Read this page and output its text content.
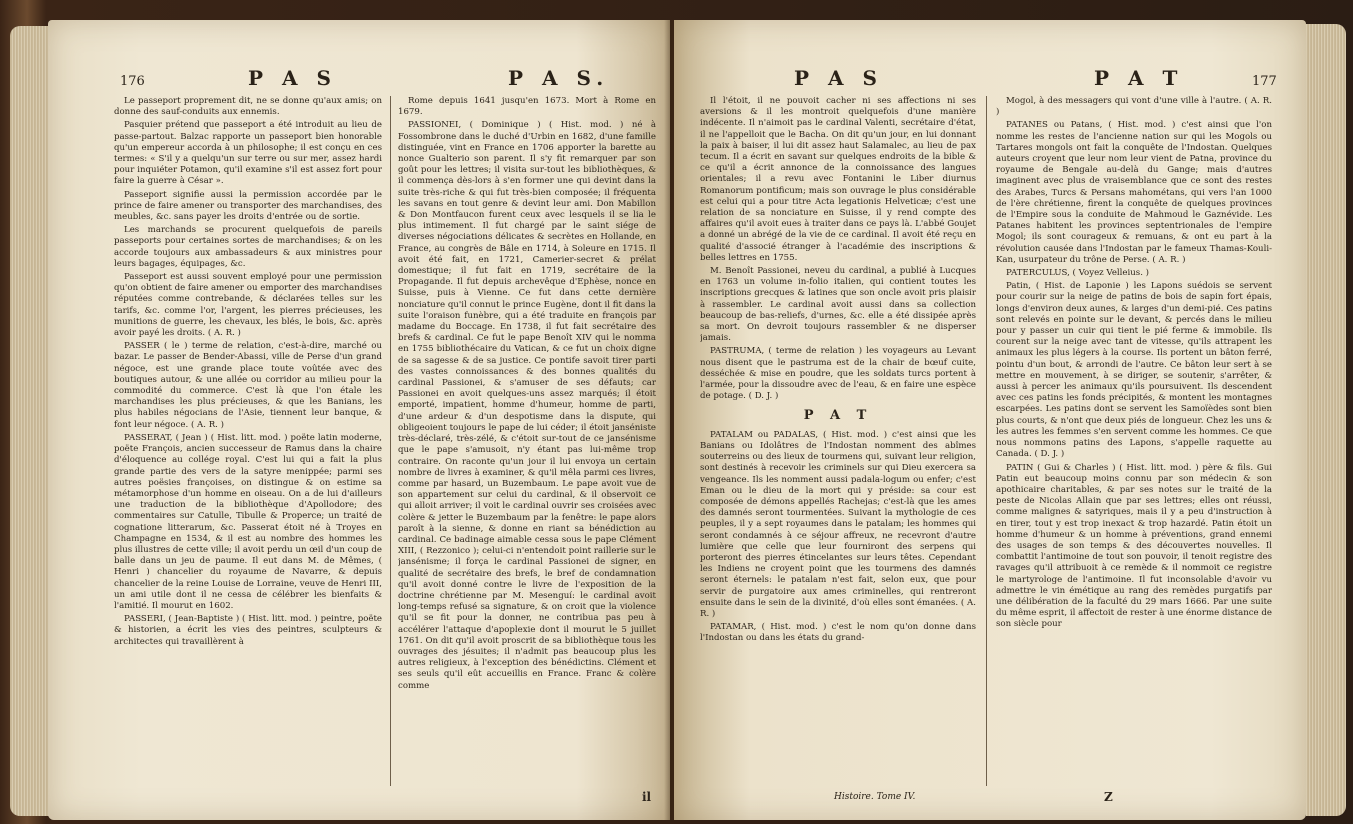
176	P A S	P A S.

Le passeport proprement dit, ne se donne qu'aux amis; on donne des sauf-conduits aux ennemis.

Pasquier prétend que passeport a été introduit au lieu de passe-partout. Balzac rapporte un passeport bien honorable qu'un empereur accorda à un philosophe; il est conçu en ces termes: « S'il y a quelqu'un sur terre ou sur mer, assez hardi pour inquiéter Potamon, qu'il examine s'il est assez fort pour faire la guerre à César ».

Passeport signifie aussi la permission accordée par le prince de faire amener ou transporter des marchandises, des meubles, &c. sans payer les droits d'entrée ou de sortie.

Les marchands se procurent quelquefois de pareils passeports pour certaines sortes de marchandises; & on les accorde toujours aux ambassadeurs & aux ministres pour leurs bagages, équipages, &c.

Passeport est aussi souvent employé pour une permission qu'on obtient de faire amener ou emporter des marchandises réputées comme contrebande, & déclarées telles sur les tarifs, &c. comme l'or, l'argent, les pierres précieuses, les munitions de guerre, les chevaux, les blés, le bois, &c. après avoir payé les droits. ( A. R. )

PASSER ( le ) terme de relation, c'est-à-dire, marché ou bazar. Le passer de Bender-Abassi, ville de Perse d'un grand négoce, est une grande place toute voûtée avec des boutiques autour, & une allée ou corridor au milieu pour la commodité du commerce. C'est là que l'on étale les marchandises les plus précieuses, & que les Banians, les plus habiles négocians de l'Asie, tiennent leur banque, & font leur négoce. ( A. R. )

PASSERAT, ( Jean ) ( Hist. litt. mod. ) poëte latin moderne, poëte François, ancien successeur de Ramus dans la chaire d'éloquence au collége royal. C'est lui qui a fait la plus grande partie des vers de la satyre menippée; parmi ses autres poësies françoises, on distingue & on estime sa métamorphose d'un homme en oiseau. On a de lui d'ailleurs une traduction de la bibliothèque d'Apollodore; des commentaires sur Catulle, Tibulle & Properce; un traité de cognatione litterarum, &c. Passerat étoit né à Troyes en Champagne en 1534, & il est au nombre des hommes les plus illustres de cette ville; il avoit perdu un œil d'un coup de balle dans un jeu de paume. Il eut dans M. de Mêmes, ( Henri ) chancelier du royaume de Navarre, & depuis chancelier de la reine Louise de Lorraine, veuve de Henri III, un ami utile dont il ne cessa de célébrer les bienfaits & l'amitié. Il mourut en 1602.

PASSERI, ( Jean-Baptiste ) ( Hist. litt. mod. ) peintre, poëte & historien, a écrit les vies des peintres, sculpteurs & architectes qui travaillèrent à

Rome depuis 1641 jusqu'en 1673. Mort à Rome en 1679.

PASSIONEI, ( Dominique ) ( Hist. mod. ) né à Fossombrone dans le duché d'Urbin en 1682, d'une famille distinguée, vint en France en 1706 apporter la barette au nonce Gualterio son parent. Il s'y fit remarquer par son goût pour les lettres; il visita sur-tout les bibliothèques, & il commença dès-lors à s'en former une qui devint dans la suite très-riche & qui fut très-bien composée; il fréquenta les savans en tout genre & devint leur ami. Don Mabillon & Don Montfaucon furent ceux avec lesquels il se lia le plus intimement. Il fut chargé par le saint siége de diverses négociations délicates & secrètes en Hollande, en France, au congrès de Bâle en 1714, à Soleure en 1715. Il avoit été fait, en 1721, Camerier-secret & prélat domestique; il fut fait en 1719, secrétaire de la Propagande. Il fut depuis archevêque d'Ephèse, nonce en Suisse, puis à Vienne. Ce fut dans cette dernière nonciature qu'il connut le prince Eugène, dont il fit dans la suite l'oraison funèbre, qui a été traduite en françois par madame du Boccage. En 1738, il fut fait secrétaire des brefs & cardinal. Ce fut le pape Benoît XIV qui le nomma en 1755 bibliothécaire du Vatican, & ce fut un choix digne de sa sagesse & de sa justice. Ce pontife savoit tirer parti des vastes connoissances & des bonnes qualités du cardinal Passionei, & s'amuser de ses défauts; car Passionei en avoit quelques-uns assez marqués; il étoit emporté, impatient, homme d'humeur, homme de parti, d'une ardeur & d'un despotisme dans la dispute, qui obligeoient toujours le pape de lui céder; il étoit janséniste très-déclaré, très-zélé, & c'étoit sur-tout de ce jansénisme que le pape s'amusoit, n'y étant pas lui-même trop contraire. On raconte qu'un jour il lui envoya un certain nombre de livres à examiner, & qu'il mêla parmi ces livres, comme par hasard, un Buzembaum. Le pape avoit vue de son appartement sur celui du cardinal, & il observoit ce qui alloit arriver; il voit le cardinal ouvrir ses croisées avec colère & jetter le Buzembaum par la fenêtre: le pape alors paroît à la sienne, & donne en riant sa bénédiction au cardinal. Ce badinage aimable cessa sous le pape Clément XIII, ( Rezzonico ); celui-ci n'entendoit point raillerie sur le jansénisme; il força le cardinal Passionei de signer, en qualité de secrétaire des brefs, le bref de condamnation qu'il avoit donné contre le livre de l'exposition de la doctrine chrétienne par M. Mesenguí: le cardinal avoit long-temps refusé sa signature, & on croit que la violence qu'il se fit pour la donner, ne contribua pas peu à accélérer l'attaque d'apoplexie dont il mourut le 5 juillet 1761. On dit qu'il avoit proscrit de sa bibliothèque tous les ouvrages des jésuites; il n'admit pas beaucoup plus les autres religieux, à l'exception des bénédictins. Clément et ses seuls qu'il eût accueillis en France. Franc & colère comme

il
P A S	P A T	177

Il l'étoit, il ne pouvoit cacher ni ses affections ni ses aversions & il les montroit quelquefois d'une manière indécente. Il n'aimoit pas le cardinal Valenti, secrétaire d'état, il ne l'appelloit que le Bacha. On dit qu'un jour, en lui donnant la paix à baiser, il lui dit assez haut Salamalec, au lieu de pax tecum. Il a écrit en savant sur quelques endroits de la bible & ce qu'il a écrit annonce de la connoissance des langues orientales; il a revu avec Fontanini le Liber diurnus Romanorum pontificum; mais son ouvrage le plus considérable est celui qui a pour titre Acta legationis Helveticæ; c'est une relation de sa nonciature en Suisse, il y rend compte des affaires qu'il avoit eues à traiter dans ce pays là. L'abbé Goujet a donné un abrégé de la vie de ce cardinal. Il avoit été reçu en qualité d'associé étranger à l'académie des inscriptions & belles lettres en 1755.

M. Benoît Passionei, neveu du cardinal, a publié à Lucques en 1763 un volume in-folio italien, qui contient toutes les inscriptions grecques & latines que son oncle avoit pris plaisir à rassembler. Le cardinal avoit aussi dans sa collection beaucoup de bas-reliefs, d'urnes, &c. elle a été dissipée après sa mort. On devroit toujours rassembler & ne disperser jamais.

PASTRUMA, ( terme de relation ) les voyageurs au Levant nous disent que le pastruma est de la chair de bœuf cuite, desséchée & mise en poudre, que les soldats turcs portent à l'armée, pour la dissoudre avec de l'eau, & en faire une espèce de potage. ( D. J. )

P A T

PATALAM ou PADALAS, ( Hist. mod. ) c'est ainsi que les Banians ou Idolâtres de l'Indostan nomment des abîmes souterreins ou des lieux de tourmens qui, suivant leur religion, sont destinés à recevoir les criminels sur qui Dieu exercera sa vengeance. Ils les nomment aussi padala-logum ou enfer; c'est Eman ou le dieu de la mort qui y préside: sa cour est composée de démons appellés Rachejas; c'est-là que les ames des damnés seront tourmentées. Suivant la mythologie de ces peuples, il y a sept royaumes dans le patalam; les hommes qui seront condamnés à ce séjour affreux, ne recevront d'autre lumière que celle que leur fourniront des serpens qui porteront des pierres étincelantes sur leurs têtes. Cependant les Indiens ne croyent point que les tourmens des damnés seront éternels: le patalam n'est fait, selon eux, que pour servir de purgatoire aux ames criminelles, qui rentreront ensuite dans le sein de la divinité, d'où elles sont émanées. ( A. R. )

PATAMAR, ( Hist. mod. ) c'est le nom qu'on donne dans l'Indostan ou dans les états du grand-

Mogol, à des messagers qui vont d'une ville à l'autre. ( A. R. )

PATANES ou Patans, ( Hist. mod. ) c'est ainsi que l'on nomme les restes de l'ancienne nation sur qui les Mogols ou Tartares mongols ont fait la conquête de l'Indostan. Quelques auteurs croyent que leur nom leur vient de Patna, province du royaume de Bengale au-delà du Gange; mais d'autres imaginent avec plus de vraisemblance que ce sont des restes des Arabes, Turcs & Persans mahométans, qui vers l'an 1000 de l'ère chrétienne, firent la conquête de quelques provinces de l'Empire sous la conduite de Mahmoud le Gaznévide. Les Patanes habitent les provinces septentrionales de l'empire Mogol; ils sont courageux & remuans, & ont eu part à la révolution causée dans l'Indostan par le fameux Thamas-Kouli-Kan, usurpateur du trône de Perse. ( A. R. )

PATERCULUS, ( Voyez Velleius. )

Patin, ( Hist. de Laponie ) les Lapons suédois se servent pour courir sur la neige de patins de bois de sapin fort épais, longs d'environ deux aunes, & larges d'un demi-pié. Ces patins sont relevés en pointe sur le devant, & percés dans le milieu pour y passer un cuir qui tient le pié ferme & immobile. Ils courent sur la neige avec tant de vitesse, qu'ils attrapent les animaux les plus légers à la course. Ils portent un bâton ferré, pointu d'un bout, & arrondi de l'autre. Ce bâton leur sert à se mettre en mouvement, à se diriger, se soutenir, s'arrêter, & aussi à percer les animaux qu'ils poursuivent. Ils descendent avec ces patins les fonds précipités, & montent les montagnes escarpées. Les patins dont se servent les Samoïèdes sont bien plus courts, & n'ont que deux piés de longueur. Chez les uns & les autres les femmes s'en servent comme les hommes. Ce que nous nommons patins des Lapons, s'appelle raquette au Canada. ( D. J. )

PATIN ( Gui & Charles ) ( Hist. litt. mod. ) père & fils. Gui Patin eut beaucoup moins connu par son médecin & son apothicaire charitables, & par ses notes sur le traité de la peste de Nicolas Allain que par ses lettres; elles ont réussi, comme malignes & satyriques, mais il y a peu d'instruction à en tirer, tout y est trop inexact & trop hazardé. Patin étoit un homme d'humeur & un homme à préventions, grand ennemi des usages de son temps & des découvertes nouvelles. Il combattit l'antimoine de tout son pouvoir, il tenoit registre des ravages qu'il attribuoit à ce remède & il nommoit ce registre le martyrologe de l'antimoine. Il fut inconsolable d'avoir vu admettre le vin émétique au rang des remèdes purgatifs par une délibération de la faculté du 29 mars 1666. Par une suite du même esprit, il affectoit de rester à une énorme distance de son siècle pour

Histoire. Tome IV.	Z
